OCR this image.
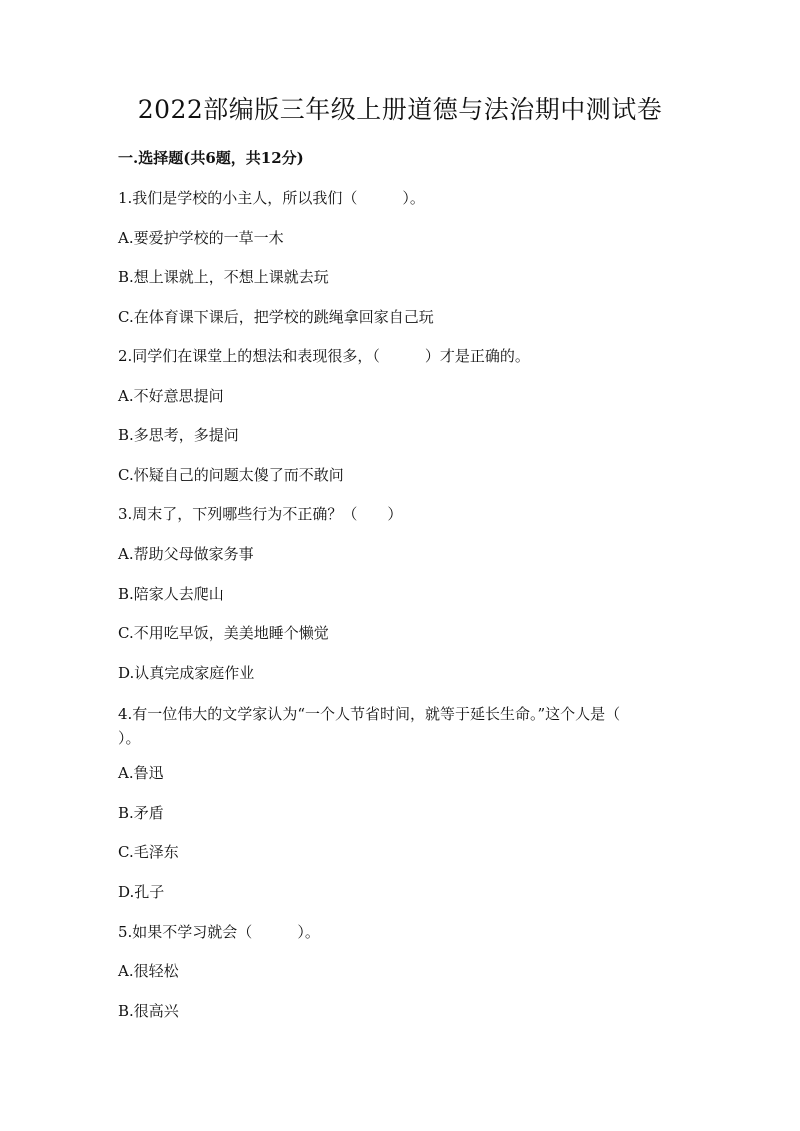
2022部编版三年级上册道德与法治期中测试卷

一.选择题(共6题，共12分)

1.我们是学校的小主人，所以我们（　　　）。

A.要爱护学校的一草一木

B.想上课就上，不想上课就去玩

C.在体育课下课后，把学校的跳绳拿回家自己玩

2.同学们在课堂上的想法和表现很多，（　　　）才是正确的。

A.不好意思提问

B.多思考，多提问

C.怀疑自己的问题太傻了而不敢问

3.周末了，下列哪些行为不正确？（　　）

A.帮助父母做家务事

B.陪家人去爬山

C.不用吃早饭，美美地睡个懒觉

D.认真完成家庭作业

4.有一位伟大的文学家认为“一个人节省时间，就等于延长生命。”这个人是（　　　）。

A.鲁迅

B.矛盾

C.毛泽东

D.孔子

5.如果不学习就会（　　　）。

A.很轻松

B.很高兴
